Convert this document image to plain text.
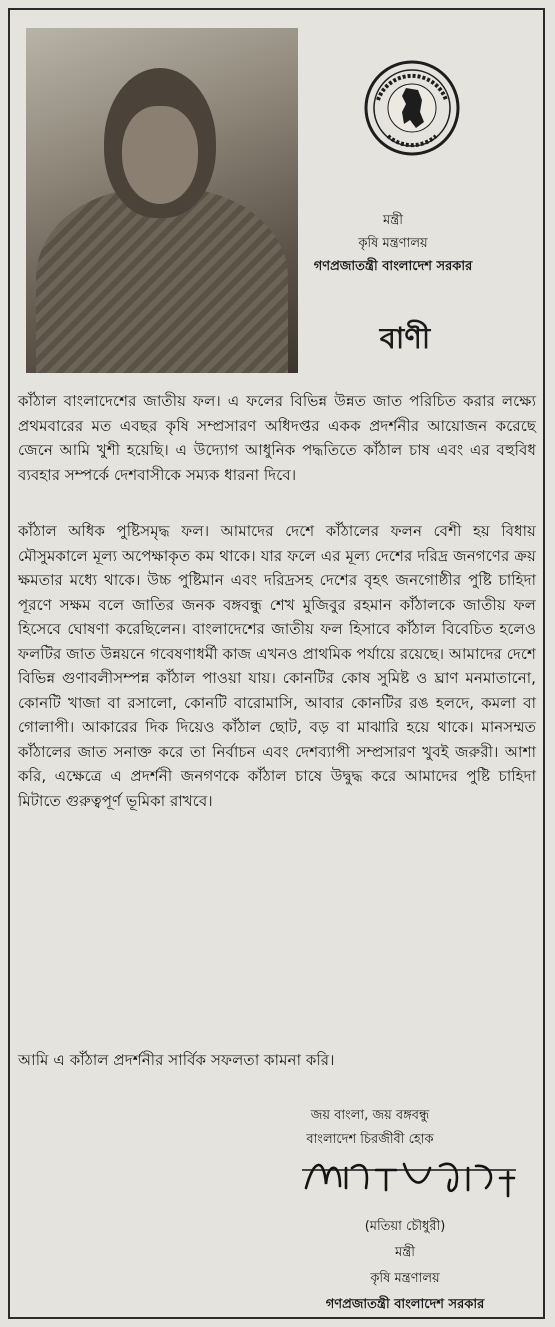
মন্ত্রী
কৃষি মন্ত্রণালয়
গণপ্রজাতন্ত্রী বাংলাদেশ সরকার
বাণী
কাঁঠাল বাংলাদেশের জাতীয় ফল। এ ফলের বিভিন্ন উন্নত জাত পরিচিত করার লক্ষ্যে প্রথমবারের মত এবছর কৃষি সম্প্রসারণ অধিদপ্তর একক প্রদর্শনীর আয়োজন করেছে জেনে আমি খুশী হয়েছি। এ উদ্যোগ আধুনিক পদ্ধতিতে কাঁঠাল চাষ এবং এর বহুবিধ ব্যবহার সম্পর্কে দেশবাসীকে সম্যক ধারনা দিবে।
কাঁঠাল অধিক পুষ্টিসমৃদ্ধ ফল। আমাদের দেশে কাঁঠালের ফলন বেশী হয় বিধায় মৌসুমকালে মূল্য অপেক্ষাকৃত কম থাকে। যার ফলে এর মূল্য দেশের দরিদ্র জনগণের ক্রয় ক্ষমতার মধ্যে থাকে। উচ্চ পুষ্টিমান এবং দরিদ্রসহ দেশের বৃহৎ জনগোষ্ঠীর পুষ্টি চাহিদা পূরণে সক্ষম বলে জাতির জনক বঙ্গবন্ধু শেখ মুজিবুর রহমান কাঁঠালকে জাতীয় ফল হিসেবে ঘোষণা করেছিলেন। বাংলাদেশের জাতীয় ফল হিসাবে কাঁঠাল বিবেচিত হলেও ফলটির জাত উন্নয়নে গবেষণাধর্মী কাজ এখনও প্রাথমিক পর্যায়ে রয়েছে। আমাদের দেশে বিভিন্ন গুণাবলীসম্পন্ন কাঁঠাল পাওয়া যায়। কোনটির কোষ সুমিষ্ট ও ঘ্রাণ মনমাতানো, কোনটি খাজা বা রসালো, কোনটি বারোমাসি, আবার কোনটির রঙ হলদে, কমলা বা গোলাপী। আকারের দিক দিয়েও কাঁঠাল ছোট, বড় বা মাঝারি হয়ে থাকে। মানসম্মত কাঁঠালের জাত সনাক্ত করে তা নির্বাচন এবং দেশব্যাপী সম্প্রসারণ খুবই জরুরী। আশা করি, এক্ষেত্রে এ প্রদর্শনী জনগণকে কাঁঠাল চাষে উদ্বুদ্ধ করে আমাদের পুষ্টি চাহিদা মিটাতে গুরুত্বপূর্ণ ভূমিকা রাখবে।
আমি এ কাঁঠাল প্রদর্শনীর সার্বিক সফলতা কামনা করি।
জয় বাংলা, জয় বঙ্গবন্ধু
বাংলাদেশ চিরজীবী হোক
(মতিয়া চৌধুরী)
মন্ত্রী
কৃষি মন্ত্রণালয়
গণপ্রজাতন্ত্রী বাংলাদেশ সরকার
